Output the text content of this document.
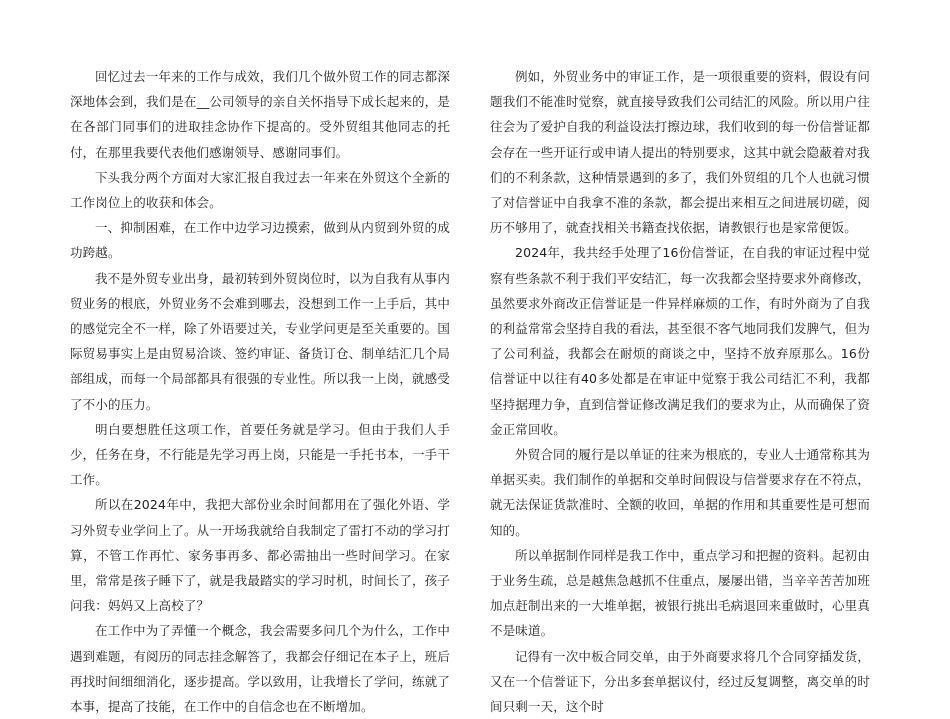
回忆过去一年来的工作与成效，我们几个做外贸工作的同志都深深地体会到，我们是在__公司领导的亲自关怀指导下成长起来的，是在各部门同事们的进取挂念协作下提高的。受外贸组其他同志的托付，在那里我要代表他们感谢领导、感谢同事们。

下头我分两个方面对大家汇报自我过去一年来在外贸这个全新的工作岗位上的收获和体会。

一、抑制困难，在工作中边学习边摸索，做到从内贸到外贸的成功跨越。

我不是外贸专业出身，最初转到外贸岗位时，以为自我有从事内贸业务的根底，外贸业务不会难到哪去，没想到工作一上手后，其中的感觉完全不一样，除了外语要过关，专业学问更是至关重要的。国际贸易事实上是由贸易洽谈、签约审证、备货订仓、制单结汇几个局部组成，而每一个局部都具有很强的专业性。所以我一上岗，就感受了不小的压力。

明白要想胜任这项工作，首要任务就是学习。但由于我们人手少，任务在身，不行能是先学习再上岗，只能是一手托书本，一手干工作。

所以在2024年中，我把大部份业余时间都用在了强化外语、学习外贸专业学问上了。从一开场我就给自我制定了雷打不动的学习打算，不管工作再忙、家务事再多、都必需抽出一些时间学习。在家里，常常是孩子睡下了，就是我最踏实的学习时机，时间长了，孩子问我：妈妈又上高校了？

在工作中为了弄懂一个概念，我会需要多问几个为什么，工作中遇到难题，有阅历的同志挂念解答了，我都会仔细记在本子上，班后再找时间细细消化，逐步提高。学以致用，让我增长了学问，练就了本事，提高了技能，在工作中的自信念也在不断增加。

例如，外贸业务中的审证工作，是一项很重要的资料，假设有问题我们不能准时觉察，就直接导致我们公司结汇的风险。所以用户往往会为了爱护自我的利益设法打擦边球，我们收到的每一份信誉证都会存在一些开证行或申请人提出的特别要求，这其中就会隐蔽着对我们的不利条款，这种情景遇到的多了，我们外贸组的几个人也就习惯了对信誉证中自我拿不准的条款，都会提出来相互之间进展切磋，阅历不够用了，就查找相关书籍查找依据，请教银行也是家常便饭。

2024年，我共经手处理了16份信誉证，在自我的审证过程中觉察有些条款不利于我们平安结汇，每一次我都会坚持要求外商修改，虽然要求外商改正信誉证是一件异样麻烦的工作，有时外商为了自我的利益常常会坚持自我的看法，甚至很不客气地同我们发脾气，但为了公司利益，我都会在耐烦的商谈之中，坚持不放弃原那么。16份信誉证中以往有40多处都是在审证中觉察于我公司结汇不利，我都坚持据理力争，直到信誉证修改满足我们的要求为止，从而确保了资金正常回收。

外贸合同的履行是以单证的往来为根底的，专业人士通常称其为单据买卖。我们制作的单据和交单时间假设与信誉要求存在不符点，就无法保证货款准时、全额的收回，单据的作用和其重要性是可想而知的。

所以单据制作同样是我工作中，重点学习和把握的资料。起初由于业务生疏，总是越焦急越抓不住重点，屡屡出错，当辛辛苦苦加班加点赶制出来的一大堆单据，被银行挑出毛病退回来重做时，心里真不是味道。

记得有一次中板合同交单，由于外商要求将几个合同穿插发货，又在一个信誉证下，分出多套单据议付，经过反复调整，离交单的时间只剩一天，这个时
